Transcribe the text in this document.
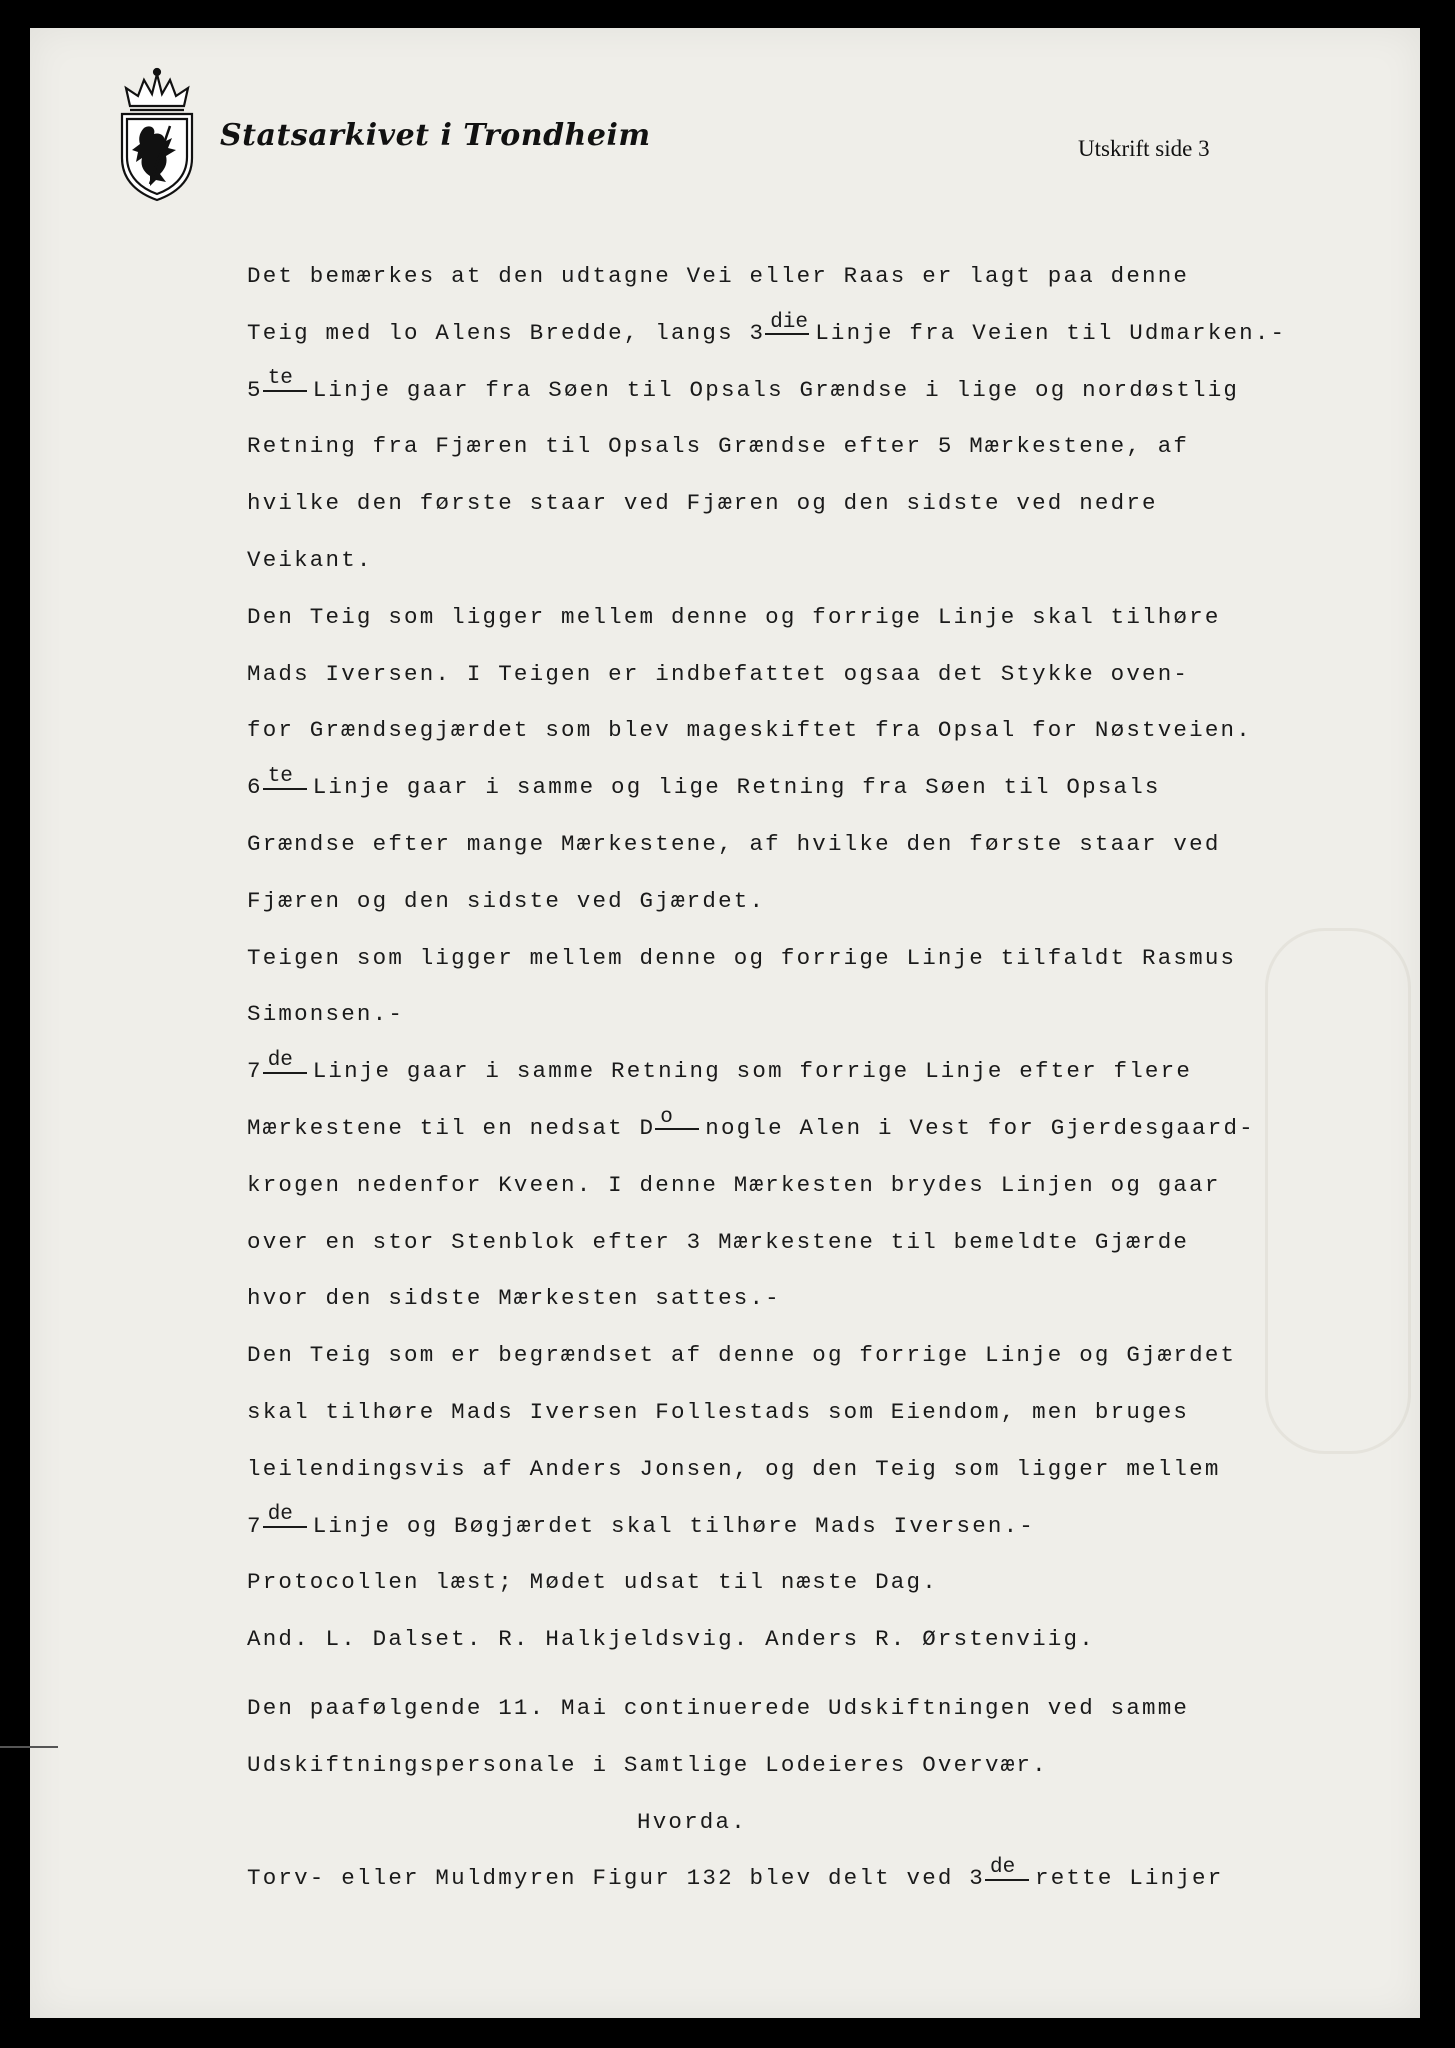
Statsarkivet i Trondheim	Utskrift side 3
Det bemærkes at den udtagne Vei eller Raas er lagt paa denne
Teig med lo Alens Bredde, langs 3 die Linje fra Veien til Udmarken.-
5 te Linje gaar fra Søen til Opsals Grændse i lige og nordøstlig
Retning fra Fjæren til Opsals Grændse efter 5 Mærkestene, af
hvilke den første staar ved Fjæren og den sidste ved nedre
Veikant.
Den Teig som ligger mellem denne og forrige Linje skal tilhøre
Mads Iversen. I Teigen er indbefattet ogsaa det Stykke oven-
for Grændsegjærdet som blev mageskiftet fra Opsal for Nøstveien.
6 te Linje gaar i samme og lige Retning fra Søen til Opsals
Grændse efter mange Mærkestene, af hvilke den første staar ved
Fjæren og den sidste ved Gjærdet.
Teigen som ligger mellem denne og forrige Linje tilfaldt Rasmus
Simonsen.-
7 de Linje gaar i samme Retning som forrige Linje efter flere
Mærkestene til en nedsat D o nogle Alen i Vest for Gjerdesgaard-
krogen nedenfor Kveen. I denne Mærkesten brydes Linjen og gaar
over en stor Stenblok efter 3 Mærkestene til bemeldte Gjærde
hvor den sidste Mærkesten sattes.-
Den Teig som er begrændset af denne og forrige Linje og Gjærdet
skal tilhøre Mads Iversen Follestads som Eiendom, men bruges
leilendingsvis af Anders Jonsen, og den Teig som ligger mellem
7 de Linje og Bøgjærdet skal tilhøre Mads Iversen.-
Protocollen læst; Mødet udsat til næste Dag.
And. L. Dalset. R. Halkjeldsvig. Anders R. Ørstenviig.
Den paafølgende 11. Mai continuerede Udskiftningen ved samme
Udskiftningspersonale i Samtlige Lodeieres Overvær.
Hvorda.
Torv- eller Muldmyren Figur 132 blev delt ved 3 de rette Linjer
